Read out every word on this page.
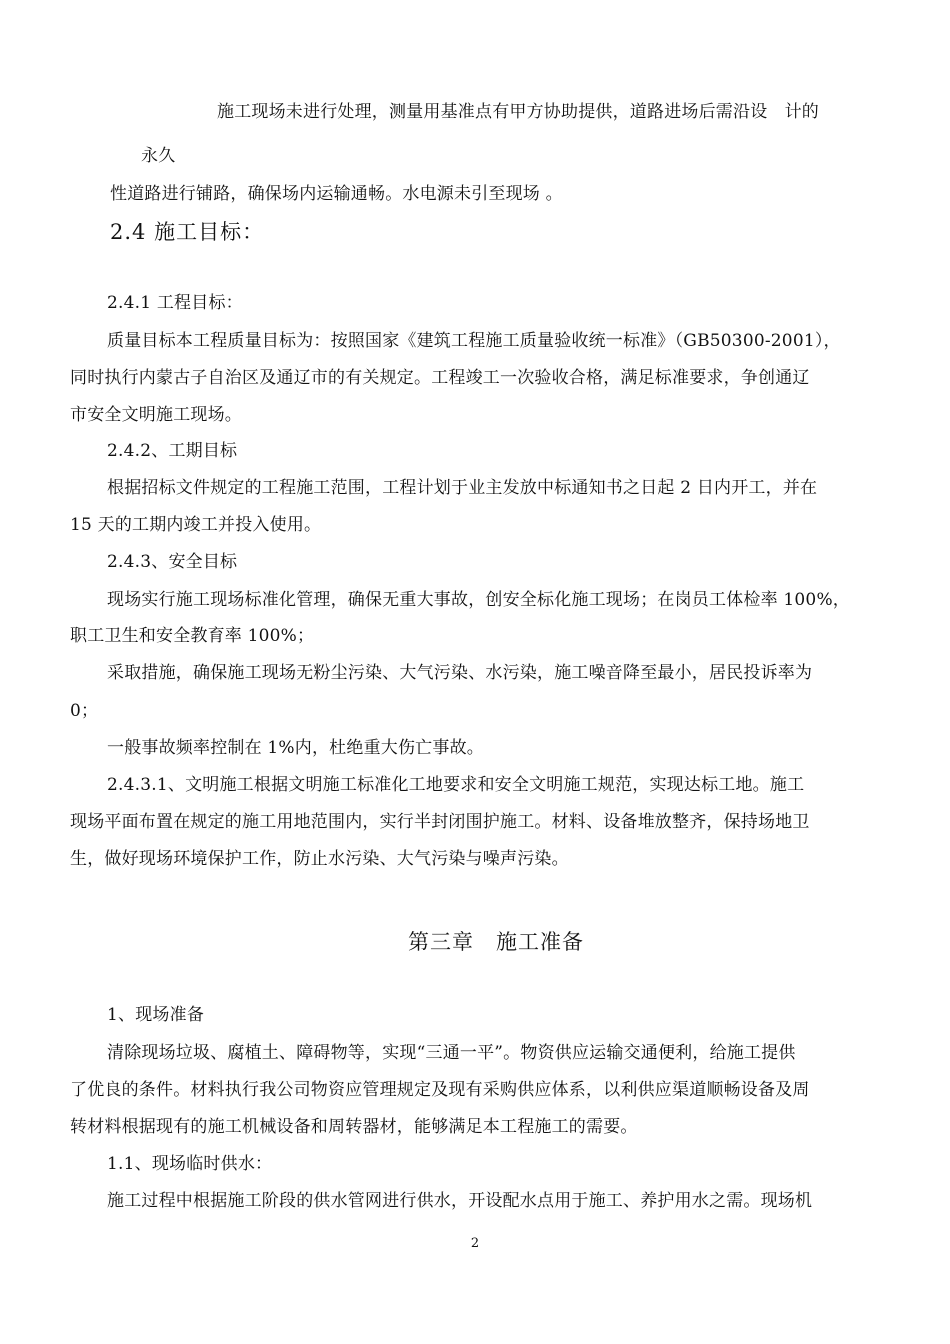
施工现场未进行处理，测量用基准点有甲方协助提供，道路进场后需沿设　计的
永久
性道路进行铺路，确保场内运输通畅。水电源未引至现场 。
2.4 施工目标：
2.4.1 工程目标：
质量目标本工程质量目标为：按照国家《建筑工程施工质量验收统一标准》（GB50300-2001），
同时执行内蒙古子自治区及通辽市的有关规定。工程竣工一次验收合格，满足标准要求，争创通辽
市安全文明施工现场。
2.4.2、工期目标
根据招标文件规定的工程施工范围，工程计划于业主发放中标通知书之日起 2 日内开工，并在
15 天的工期内竣工并投入使用。
2.4.3、安全目标
现场实行施工现场标准化管理，确保无重大事故，创安全标化施工现场；在岗员工体检率 100%，
职工卫生和安全教育率 100%；
采取措施，确保施工现场无粉尘污染、大气污染、水污染，施工噪音降至最小，居民投诉率为
0；
一般事故频率控制在 1%内，杜绝重大伤亡事故。
2.4.3.1、文明施工根据文明施工标准化工地要求和安全文明施工规范，实现达标工地。施工
现场平面布置在规定的施工用地范围内，实行半封闭围护施工。材料、设备堆放整齐，保持场地卫
生，做好现场环境保护工作，防止水污染、大气污染与噪声污染。
第三章　施工准备
1、现场准备
清除现场垃圾、腐植土、障碍物等，实现“三通一平”。物资供应运输交通便利，给施工提供
了优良的条件。材料执行我公司物资应管理规定及现有采购供应体系，以利供应渠道顺畅设备及周
转材料根据现有的施工机械设备和周转器材，能够满足本工程施工的需要。
1.1、现场临时供水：
施工过程中根据施工阶段的供水管网进行供水，开设配水点用于施工、养护用水之需。现场机
2
